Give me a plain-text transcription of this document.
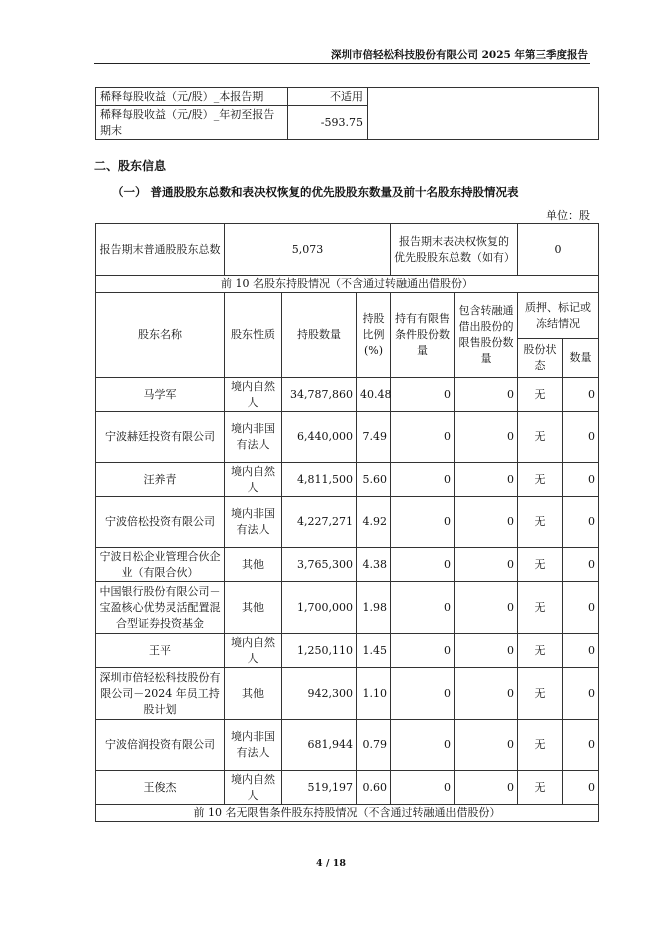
深圳市倍轻松科技股份有限公司 2025 年第三季度报告
稀释每股收益（元/股）_本报告期	不适用	
稀释每股收益（元/股）_年初至报告期末	-593.75	
二、股东信息
（一） 普通股股东总数和表决权恢复的优先股股东数量及前十名股东持股情况表
单位：股
报告期末普通股股东总数	5,073			报告期末表决权恢复的优先股股东总数（如有）		0	
前 10 名股东持股情况（不含通过转融通出借股份）							
股东名称	股东性质	持股数量	持股比例(%)	持有有限售条件股份数量	包含转融通借出股份的限售股份数量	质押、标记或冻结情况	
						股份状态	数量
马学军	境内自然人	34,787,860	40.48	0	0	无	0
宁波赫廷投资有限公司	境内非国有法人	6,440,000	7.49	0	0	无	0
汪养青	境内自然人	4,811,500	5.60	0	0	无	0
宁波倍松投资有限公司	境内非国有法人	4,227,271	4.92	0	0	无	0
宁波日松企业管理合伙企业（有限合伙）	其他	3,765,300	4.38	0	0	无	0
中国银行股份有限公司－宝盈核心优势灵活配置混合型证券投资基金	其他	1,700,000	1.98	0	0	无	0
王平	境内自然人	1,250,110	1.45	0	0	无	0
深圳市倍轻松科技股份有限公司－2024 年员工持股计划	其他	942,300	1.10	0	0	无	0
宁波倍润投资有限公司	境内非国有法人	681,944	0.79	0	0	无	0
王俊杰	境内自然人	519,197	0.60	0	0	无	0
前 10 名无限售条件股东持股情况（不含通过转融通出借股份）							
4 / 18
